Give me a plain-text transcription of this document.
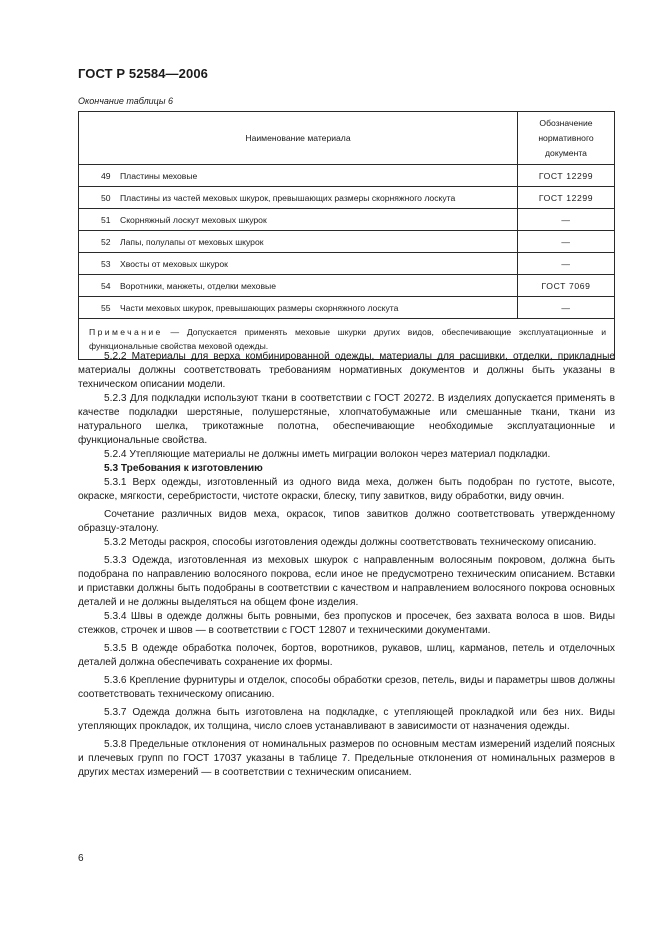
ГОСТ Р 52584—2006
Окончание таблицы 6
Наименование материала	Обозначение нормативного документа
49 Пластины меховые	ГОСТ 12299
50 Пластины из частей меховых шкурок, превышающих размеры скорняжного лоскута	ГОСТ 12299
51 Скорняжный лоскут меховых шкурок	—
52 Лапы, полулапы от меховых шкурок	—
53 Хвосты от меховых шкурок	—
54 Воротники, манжеты, отделки меховые	ГОСТ 7069
55 Части меховых шкурок, превышающих размеры скорняжного лоскута	—
Примечание — Допускается применять меховые шкурки других видов, обеспечивающие эксплуатационные и функциональные свойства меховой одежды.	

5.2.2 Материалы для верха комбинированной одежды, материалы для расшивки, отделки, прикладные материалы должны соответствовать требованиям нормативных документов и должны быть указаны в техническом описании модели.

5.2.3 Для подкладки используют ткани в соответствии с ГОСТ 20272. В изделиях допускается применять в качестве подкладки шерстяные, полушерстяные, хлопчатобумажные или смешанные ткани, ткани из натурального шелка, трикотажные полотна, обеспечивающие необходимые эксплуатационные и функциональные свойства.

5.2.4 Утепляющие материалы не должны иметь миграции волокон через материал подкладки.

5.3 Требования к изготовлению

5.3.1 Верх одежды, изготовленный из одного вида меха, должен быть подобран по густоте, высоте, окраске, мягкости, серебристости, чистоте окраски, блеску, типу завитков, виду обработки, виду овчин.

Сочетание различных видов меха, окрасок, типов завитков должно соответствовать утвержденному образцу-эталону.

5.3.2 Методы раскроя, способы изготовления одежды должны соответствовать техническому описанию.

5.3.3 Одежда, изготовленная из меховых шкурок с направленным волосяным покровом, должна быть подобрана по направлению волосяного покрова, если иное не предусмотрено техническим описанием. Вставки и приставки должны быть подобраны в соответствии с качеством и направлением волосяного покрова основных деталей и не должны выделяться на общем фоне изделия.

5.3.4 Швы в одежде должны быть ровными, без пропусков и просечек, без захвата волоса в шов. Виды стежков, строчек и швов — в соответствии с ГОСТ 12807 и техническими документами.

5.3.5 В одежде обработка полочек, бортов, воротников, рукавов, шлиц, карманов, петель и отделочных деталей должна обеспечивать сохранение их формы.

5.3.6 Крепление фурнитуры и отделок, способы обработки срезов, петель, виды и параметры швов должны соответствовать техническому описанию.

5.3.7 Одежда должна быть изготовлена на подкладке, с утепляющей прокладкой или без них. Виды утепляющих прокладок, их толщина, число слоев устанавливают в зависимости от назначения одежды.

5.3.8 Предельные отклонения от номинальных размеров по основным местам измерений изделий поясных и плечевых групп по ГОСТ 17037 указаны в таблице 7. Предельные отклонения от номинальных размеров в других местах измерений — в соответствии с техническим описанием.

6
